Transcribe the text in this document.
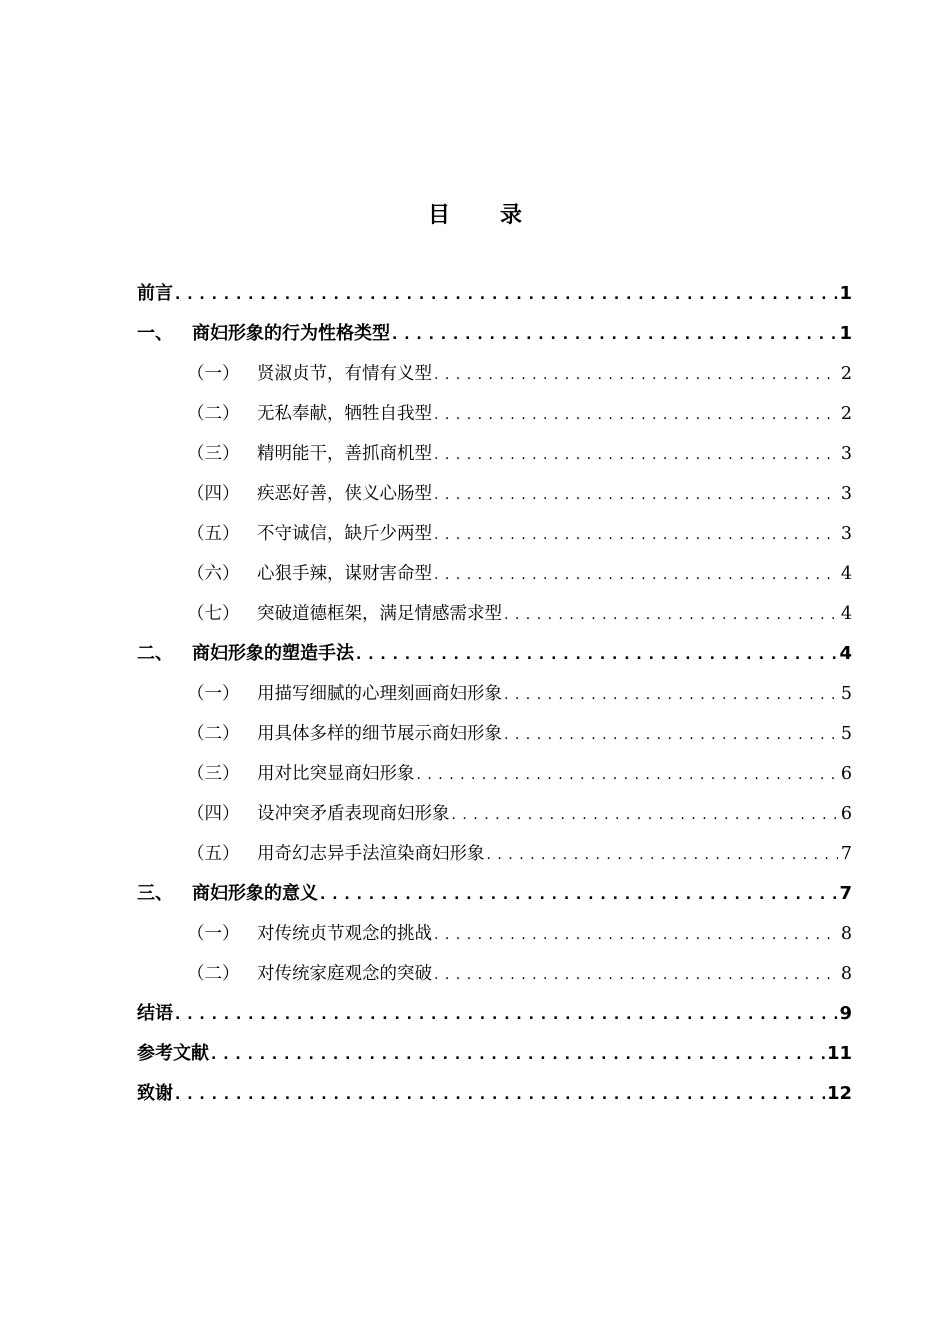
目录
前言 . . .	1
一、	商妇形象的行为性格类型 . . .	1
（一）	贤淑贞节，有情有义型 . . .	2
（二）	无私奉献，牺牲自我型 . . .	2
（三）	精明能干，善抓商机型 . . .	3
（四）	疾恶好善，侠义心肠型 . . .	3
（五）	不守诚信，缺斤少两型 . . .	3
（六）	心狠手辣，谋财害命型 . . .	4
（七）	突破道德框架，满足情感需求型 . . .	4
二、	商妇形象的塑造手法 . . .	4
（一）	用描写细腻的心理刻画商妇形象 . . .	5
（二）	用具体多样的细节展示商妇形象 . . .	5
（三）	用对比突显商妇形象 . . .	6
（四）	设冲突矛盾表现商妇形象 . . .	6
（五）	用奇幻志异手法渲染商妇形象 . . .	7
三、	商妇形象的意义 . . .	7
（一）	对传统贞节观念的挑战 . . .	8
（二）	对传统家庭观念的突破 . . .	8
结语 . . .	9
参考文献 . . .	11
致谢 . . .	12
